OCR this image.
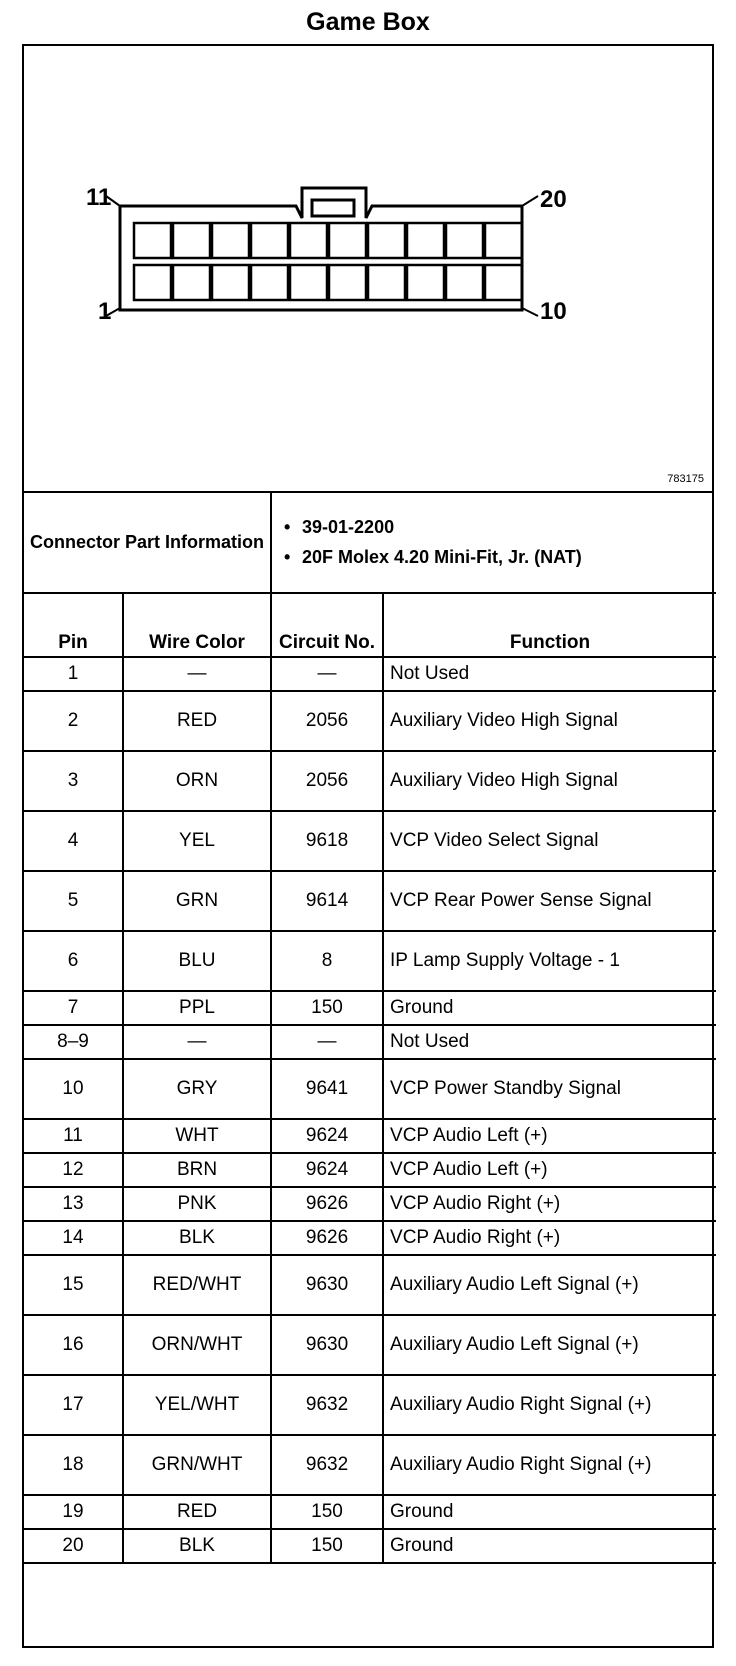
Game Box
11	20
1	10
783175
Connector Part Information		• 39-01-2200
• 20F Molex 4.20 Mini-Fit, Jr. (NAT)	

Pin	Wire Color	Circuit No.	Function
1	—	—	Not Used
2	RED	2056	Auxiliary Video High Signal
3	ORN	2056	Auxiliary Video High Signal
4	YEL	9618	VCP Video Select Signal
5	GRN	9614	VCP Rear Power Sense Signal
6	BLU	8	IP Lamp Supply Voltage - 1
7	PPL	150	Ground
8–9	—	—	Not Used
10	GRY	9641	VCP Power Standby Signal
11	WHT	9624	VCP Audio Left (+)
12	BRN	9624	VCP Audio Left (+)
13	PNK	9626	VCP Audio Right (+)
14	BLK	9626	VCP Audio Right (+)
15	RED/WHT	9630	Auxiliary Audio Left Signal (+)
16	ORN/WHT	9630	Auxiliary Audio Left Signal (+)
17	YEL/WHT	9632	Auxiliary Audio Right Signal (+)
18	GRN/WHT	9632	Auxiliary Audio Right Signal (+)
19	RED	150	Ground
20	BLK	150	Ground
